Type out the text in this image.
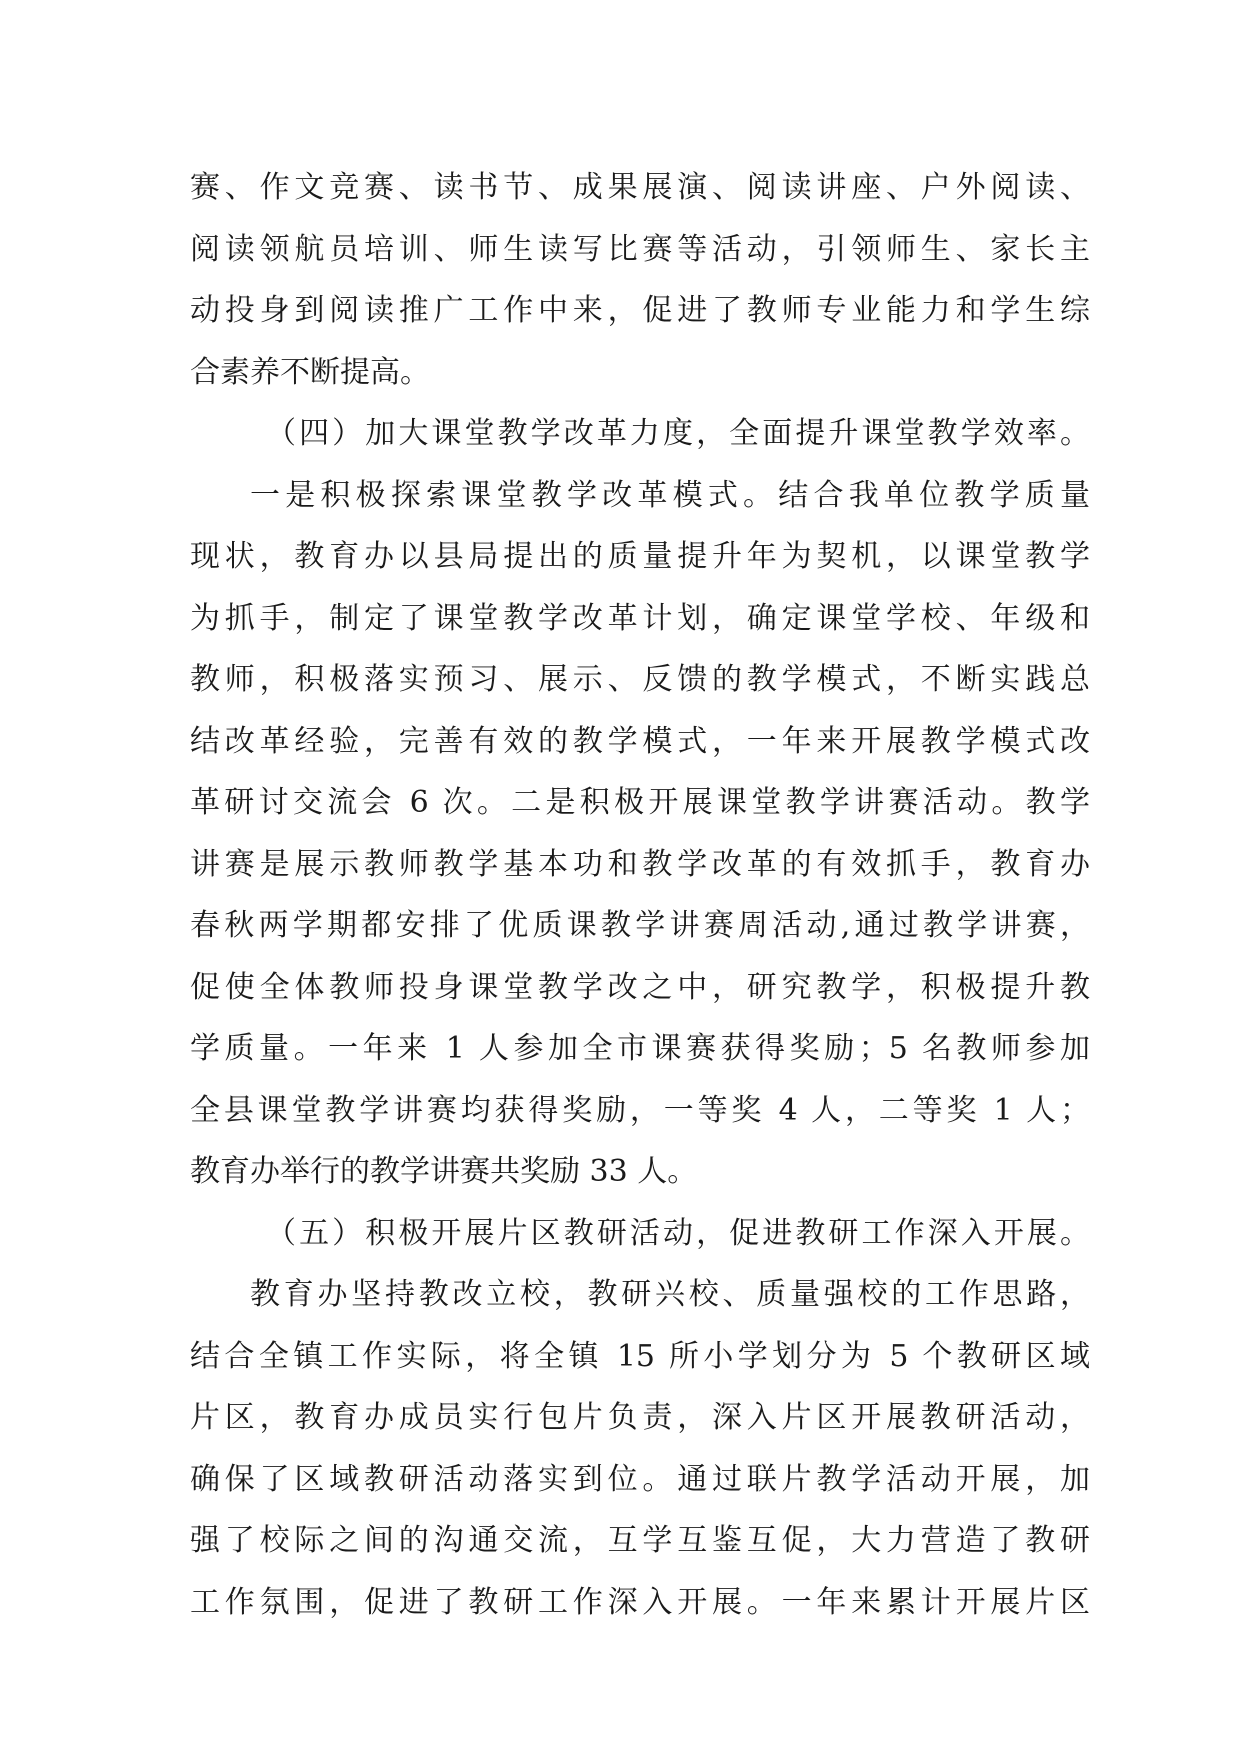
赛、作文竞赛、读书节、成果展演、阅读讲座、户外阅读、
阅读领航员培训、师生读写比赛等活动，引领师生、家长主
动投身到阅读推广工作中来，促进了教师专业能力和学生综
合素养不断提高。
（四）加大课堂教学改革力度，全面提升课堂教学效率。
一是积极探索课堂教学改革模式。结合我单位教学质量
现状，教育办以县局提出的质量提升年为契机，以课堂教学
为抓手，制定了课堂教学改革计划，确定课堂学校、年级和
教师，积极落实预习、展示、反馈的教学模式，不断实践总
结改革经验，完善有效的教学模式，一年来开展教学模式改
革研讨交流会 6 次。二是积极开展课堂教学讲赛活动。教学
讲赛是展示教师教学基本功和教学改革的有效抓手，教育办
春秋两学期都安排了优质课教学讲赛周活动,通过教学讲赛，
促使全体教师投身课堂教学改之中，研究教学，积极提升教
学质量。一年来 1 人参加全市课赛获得奖励；5 名教师参加
全县课堂教学讲赛均获得奖励，一等奖 4 人，二等奖 1 人；
教育办举行的教学讲赛共奖励 33 人。
（五）积极开展片区教研活动，促进教研工作深入开展。
教育办坚持教改立校，教研兴校、质量强校的工作思路，
结合全镇工作实际，将全镇 15 所小学划分为 5 个教研区域
片区，教育办成员实行包片负责，深入片区开展教研活动，
确保了区域教研活动落实到位。通过联片教学活动开展，加
强了校际之间的沟通交流，互学互鉴互促，大力营造了教研
工作氛围，促进了教研工作深入开展。一年来累计开展片区
